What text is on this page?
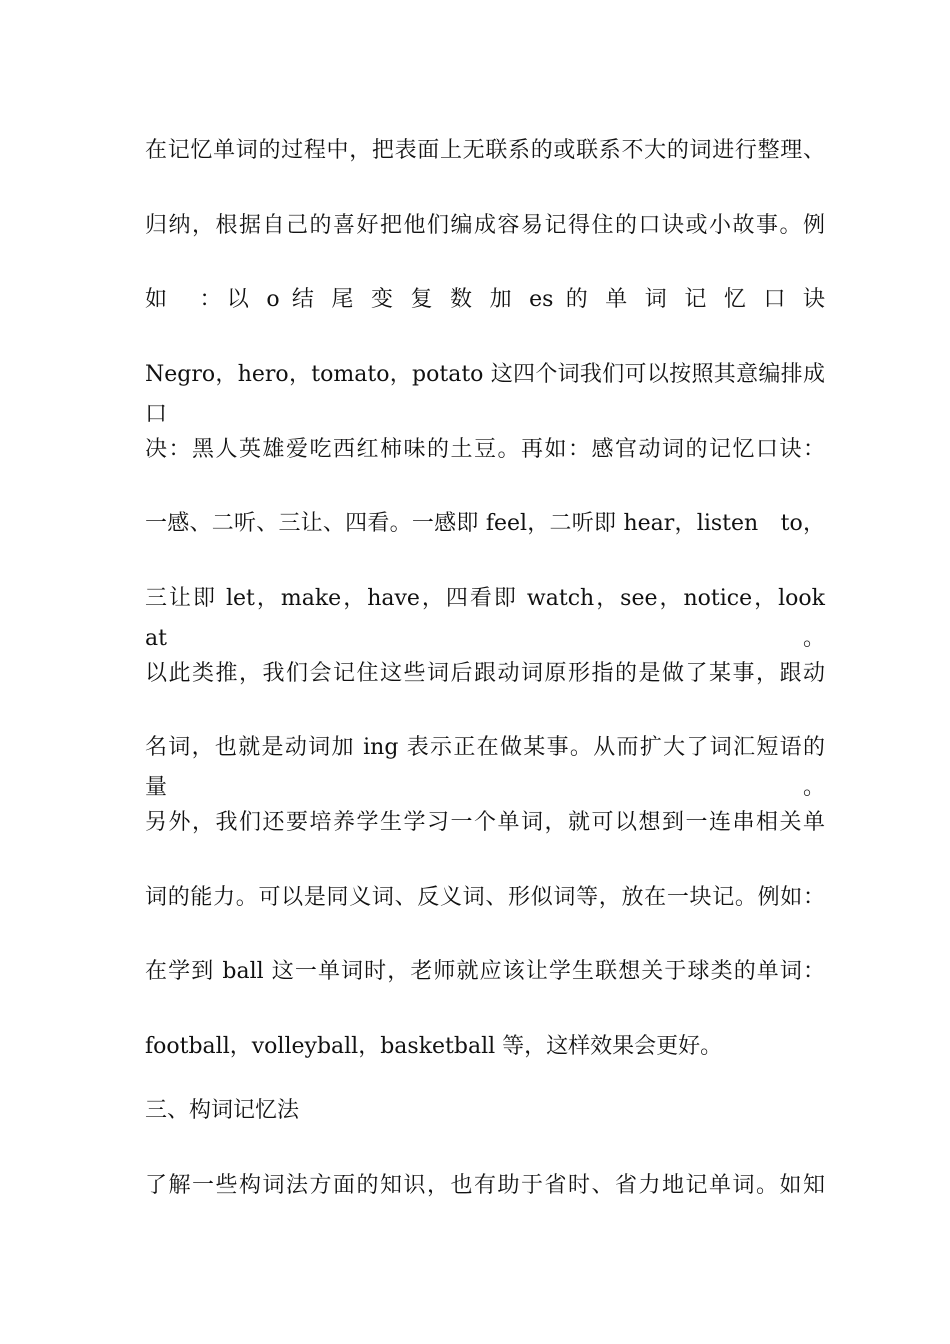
在记忆单词的过程中，把表面上无联系的或联系不大的词进行整理、
归纳，根据自己的喜好把他们编成容易记得住的口诀或小故事。例
如　：以 o 结 尾 变 复 数 加 es 的 单 词 记 忆 口 诀
Negro，hero，tomato，potato 这四个词我们可以按照其意编排成口
决：黑人英雄爱吃西红柿味的土豆。再如：感官动词的记忆口诀：
一感、二听、三让、四看。一感即 feel，二听即 hear，listen　to，
三让即 let，make，have，四看即 watch，see，notice，look　at。
以此类推，我们会记住这些词后跟动词原形指的是做了某事，跟动
名词，也就是动词加 ing 表示正在做某事。从而扩大了词汇短语的量。
另外，我们还要培养学生学习一个单词，就可以想到一连串相关单
词的能力。可以是同义词、反义词、形似词等，放在一块记。例如：
在学到 ball 这一单词时，老师就应该让学生联想关于球类的单词：
football，volleyball，basketball 等，这样效果会更好。
三、构词记忆法
了解一些构词法方面的知识，也有助于省时、省力地记单词。如知
